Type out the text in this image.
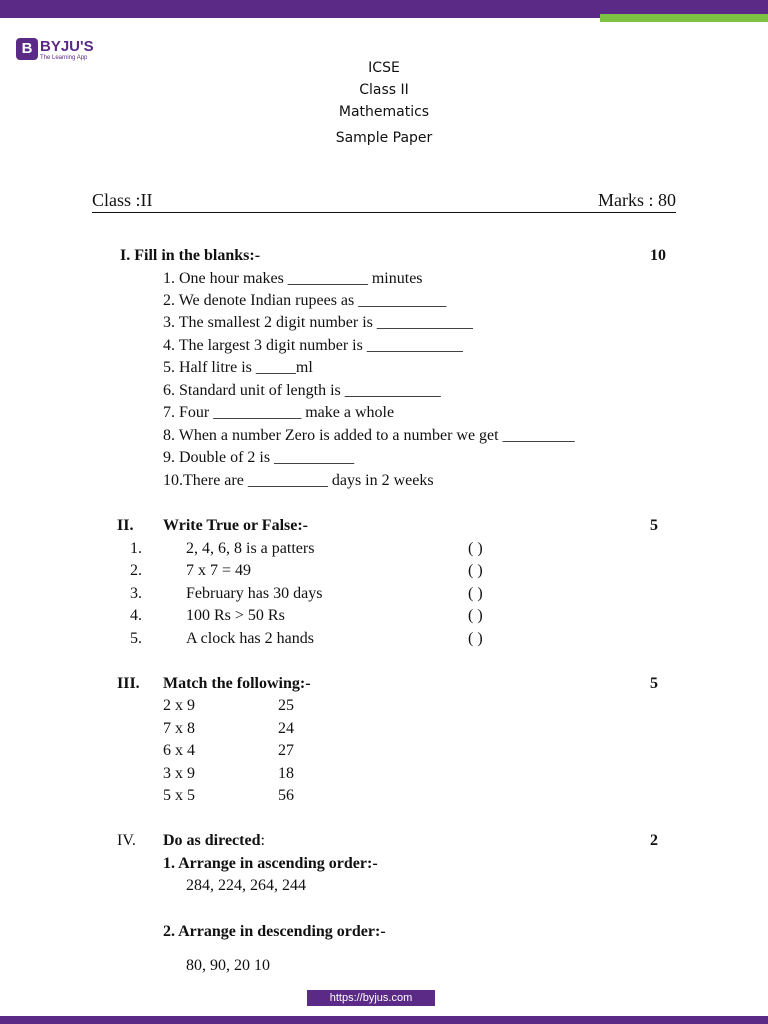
B BYJU'S
The Learning App
ICSE
Class II
Mathematics
Sample Paper
Class :II	Marks : 80
I. Fill in the blanks:-	10
1. One hour makes __________ minutes
2. We denote Indian rupees as ___________
3. The smallest 2 digit number is ____________
4. The largest 3 digit number is ____________
5. Half litre is _____ml
6. Standard unit of length is ____________
7. Four ___________ make a whole
8. When a number Zero is added to a number we get _________
9. Double of 2 is __________
10.There are __________ days in 2 weeks
II. Write True or False:-	5
1.	2, 4, 6, 8 is a patters	( )
2.	7 x 7 = 49	( )
3.	February has 30 days	( )
4.	100 Rs > 50 Rs	( )
5.	A clock has 2 hands	( )
III. Match the following:-	5
2 x 9	25
7 x 8	24
6 x 4	27
3 x 9	18
5 x 5	56
IV. Do as directed:	2
1. Arrange in ascending order:-
284, 224, 264, 244
2. Arrange in descending order:-
80, 90, 20 10
https://byjus.com
